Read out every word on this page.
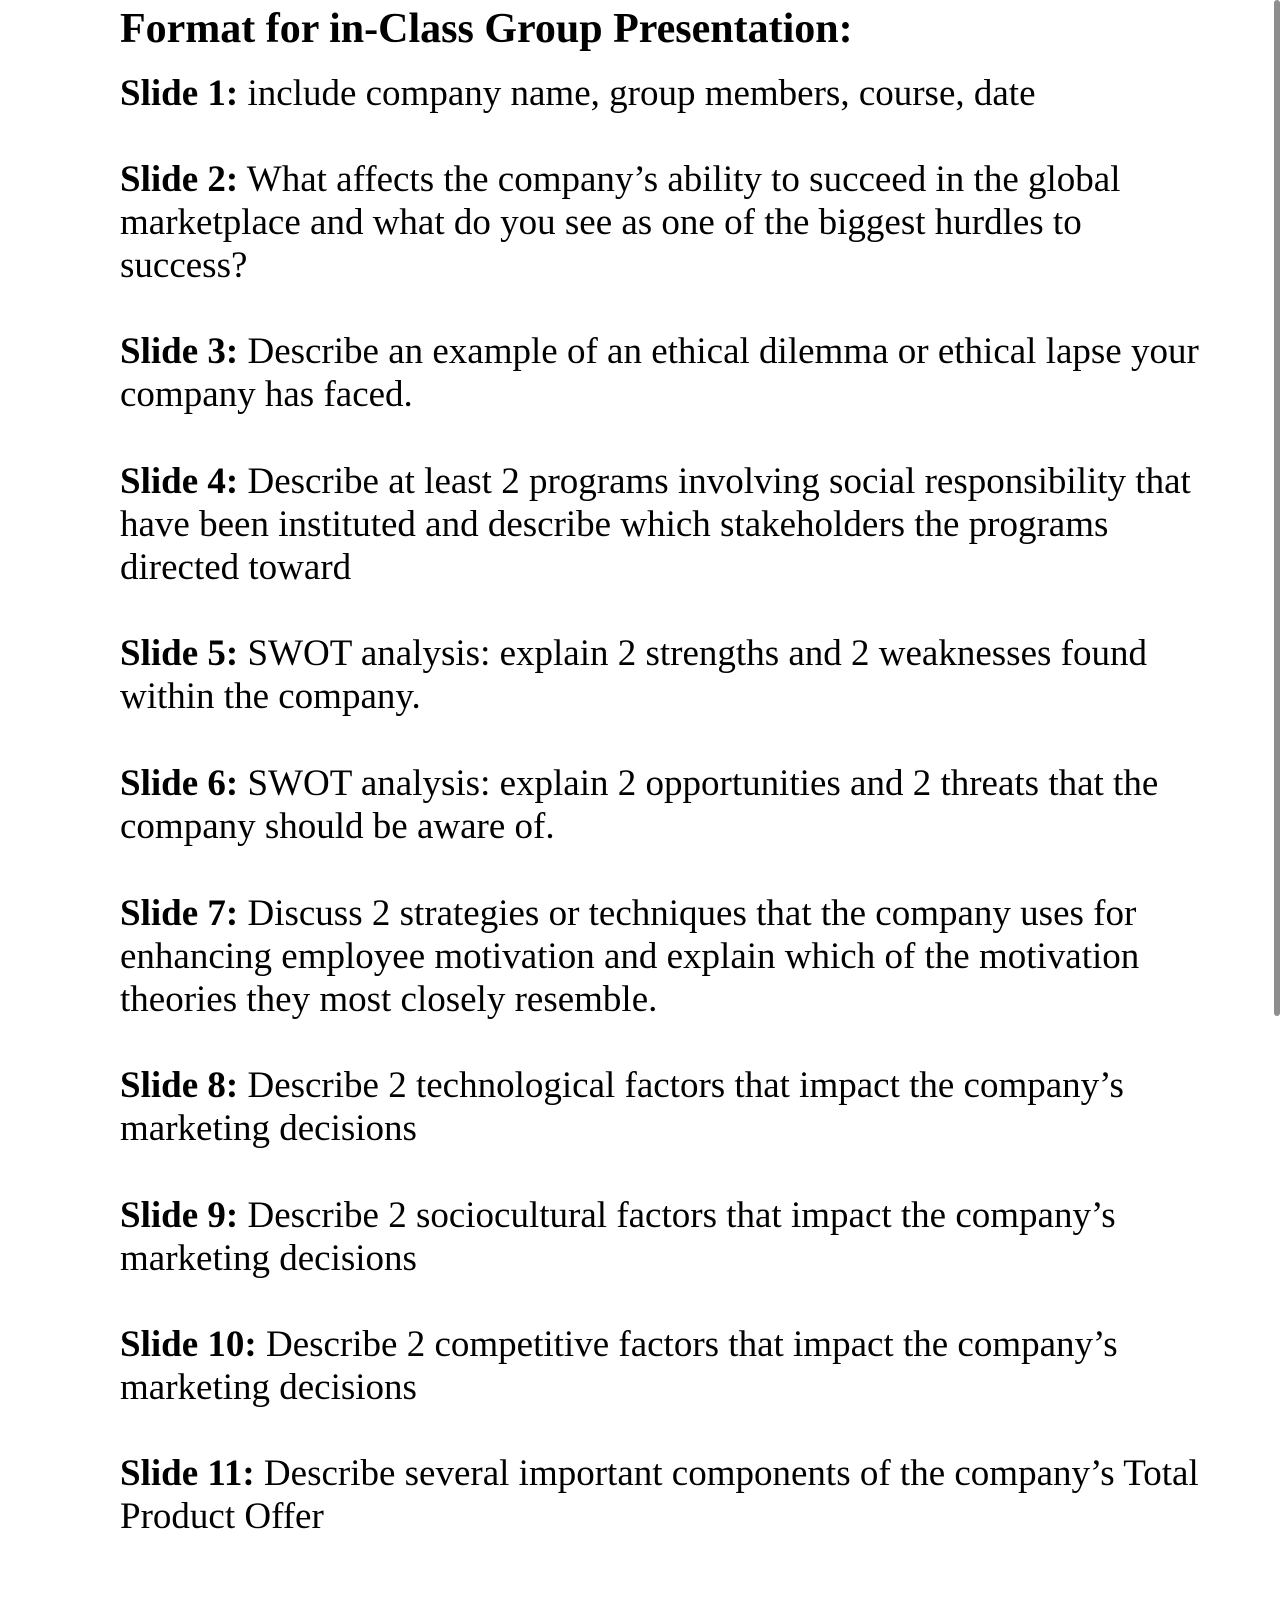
Format for in-Class Group Presentation:

Slide 1: include company name, group members, course, date

Slide 2: What affects the company’s ability to succeed in the global marketplace and what do you see as one of the biggest hurdles to success?

Slide 3: Describe an example of an ethical dilemma or ethical lapse your company has faced.

Slide 4: Describe at least 2 programs involving social responsibility that have been instituted and describe which stakeholders the programs directed toward

Slide 5: SWOT analysis: explain 2 strengths and 2 weaknesses found within the company.

Slide 6: SWOT analysis: explain 2 opportunities and 2 threats that the company should be aware of.

Slide 7: Discuss 2 strategies or techniques that the company uses for enhancing employee motivation and explain which of the motivation theories they most closely resemble.

Slide 8: Describe 2 technological factors that impact the company’s marketing decisions

Slide 9: Describe 2 sociocultural factors that impact the company’s marketing decisions

Slide 10: Describe 2 competitive factors that impact the company’s marketing decisions

Slide 11: Describe several important components of the company’s Total Product Offer
